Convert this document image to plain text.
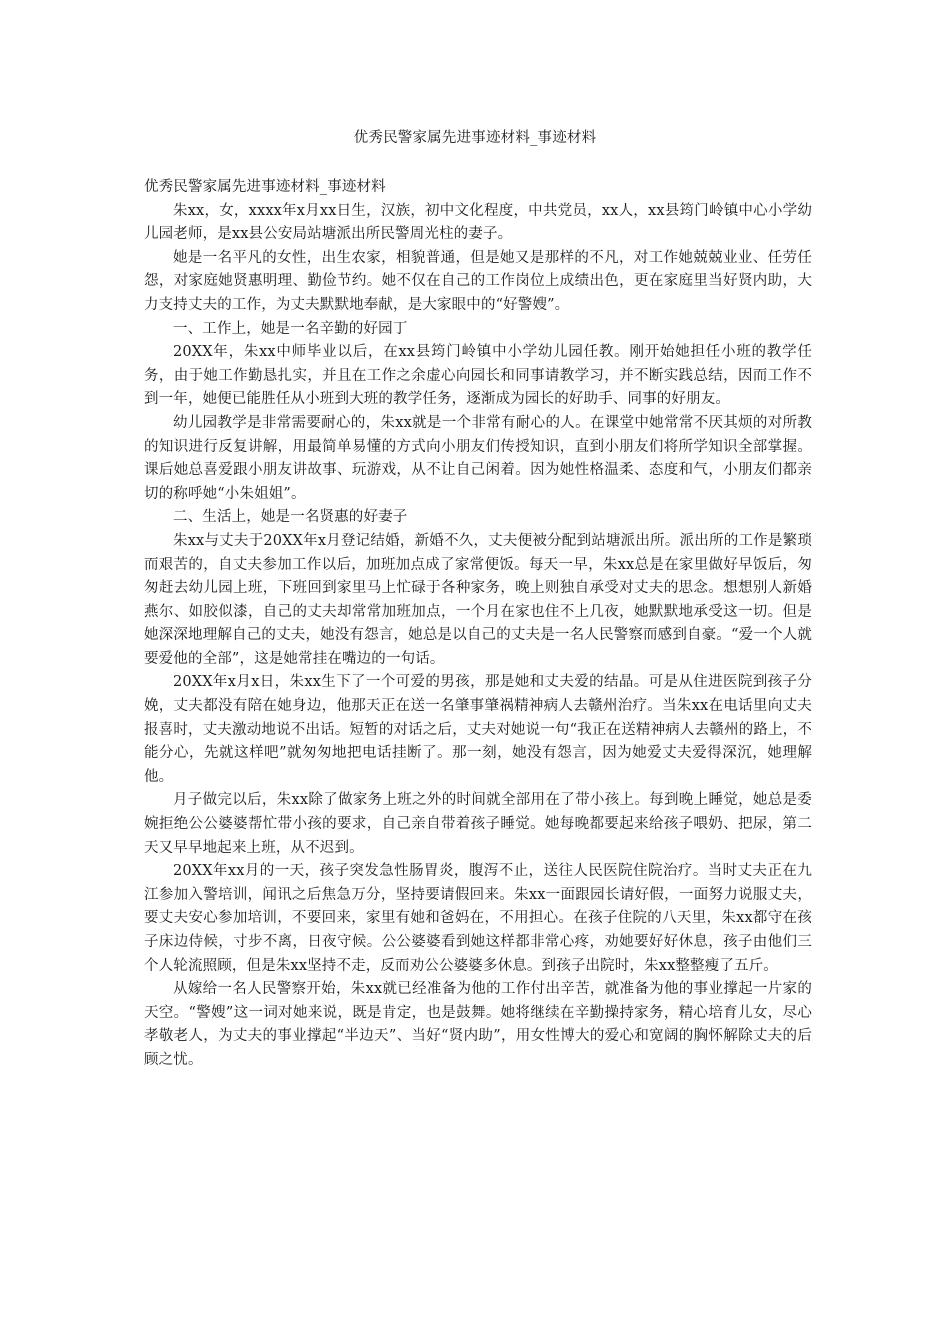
优秀民警家属先进事迹材料_事迹材料

优秀民警家属先进事迹材料_事迹材料

朱xx，女，xxxx年x月xx日生，汉族，初中文化程度，中共党员，xx人，xx县筠门岭镇中心小学幼儿园老师，是xx县公安局站塘派出所民警周光柱的妻子。

她是一名平凡的女性，出生农家，相貌普通，但是她又是那样的不凡，对工作她兢兢业业、任劳任怨，对家庭她贤惠明理、勤俭节约。她不仅在自己的工作岗位上成绩出色，更在家庭里当好贤内助，大力支持丈夫的工作，为丈夫默默地奉献，是大家眼中的“好警嫂”。

一、工作上，她是一名辛勤的好园丁

20XX年，朱xx中师毕业以后，在xx县筠门岭镇中小学幼儿园任教。刚开始她担任小班的教学任务，由于她工作勤恳扎实，并且在工作之余虚心向园长和同事请教学习，并不断实践总结，因而工作不到一年，她便已能胜任从小班到大班的教学任务，逐渐成为园长的好助手、同事的好朋友。

幼儿园教学是非常需要耐心的，朱xx就是一个非常有耐心的人。在课堂中她常常不厌其烦的对所教的知识进行反复讲解，用最简单易懂的方式向小朋友们传授知识，直到小朋友们将所学知识全部掌握。课后她总喜爱跟小朋友讲故事、玩游戏，从不让自己闲着。因为她性格温柔、态度和气，小朋友们都亲切的称呼她“小朱姐姐”。

二、生活上，她是一名贤惠的好妻子

朱xx与丈夫于20XX年x月登记结婚，新婚不久，丈夫便被分配到站塘派出所。派出所的工作是繁琐而艰苦的，自丈夫参加工作以后，加班加点成了家常便饭。每天一早，朱xx总是在家里做好早饭后，匆匆赶去幼儿园上班，下班回到家里马上忙碌于各种家务，晚上则独自承受对丈夫的思念。想想别人新婚燕尔、如胶似漆，自己的丈夫却常常加班加点，一个月在家也住不上几夜，她默默地承受这一切。但是她深深地理解自己的丈夫，她没有怨言，她总是以自己的丈夫是一名人民警察而感到自豪。“爱一个人就要爱他的全部”，这是她常挂在嘴边的一句话。

20XX年x月x日，朱xx生下了一个可爱的男孩，那是她和丈夫爱的结晶。可是从住进医院到孩子分娩，丈夫都没有陪在她身边，他那天正在送一名肇事肇祸精神病人去赣州治疗。当朱xx在电话里向丈夫报喜时，丈夫激动地说不出话。短暂的对话之后，丈夫对她说一句“我正在送精神病人去赣州的路上，不能分心，先就这样吧”就匆匆地把电话挂断了。那一刻，她没有怨言，因为她爱丈夫爱得深沉，她理解他。

月子做完以后，朱xx除了做家务上班之外的时间就全部用在了带小孩上。每到晚上睡觉，她总是委婉拒绝公公婆婆帮忙带小孩的要求，自己亲自带着孩子睡觉。她每晚都要起来给孩子喂奶、把尿，第二天又早早地起来上班，从不迟到。

20XX年xx月的一天，孩子突发急性肠胃炎，腹泻不止，送往人民医院住院治疗。当时丈夫正在九江参加入警培训，闻讯之后焦急万分，坚持要请假回来。朱xx一面跟园长请好假，一面努力说服丈夫，要丈夫安心参加培训，不要回来，家里有她和爸妈在，不用担心。在孩子住院的八天里，朱xx都守在孩子床边侍候，寸步不离，日夜守候。公公婆婆看到她这样都非常心疼，劝她要好好休息，孩子由他们三个人轮流照顾，但是朱xx坚持不走，反而劝公公婆婆多休息。到孩子出院时，朱xx整整瘦了五斤。

从嫁给一名人民警察开始，朱xx就已经准备为他的工作付出辛苦，就准备为他的事业撑起一片家的天空。“警嫂”这一词对她来说，既是肯定，也是鼓舞。她将继续在辛勤操持家务，精心培育儿女，尽心孝敬老人，为丈夫的事业撑起“半边天”、当好“贤内助”，用女性博大的爱心和宽阔的胸怀解除丈夫的后顾之忧。
